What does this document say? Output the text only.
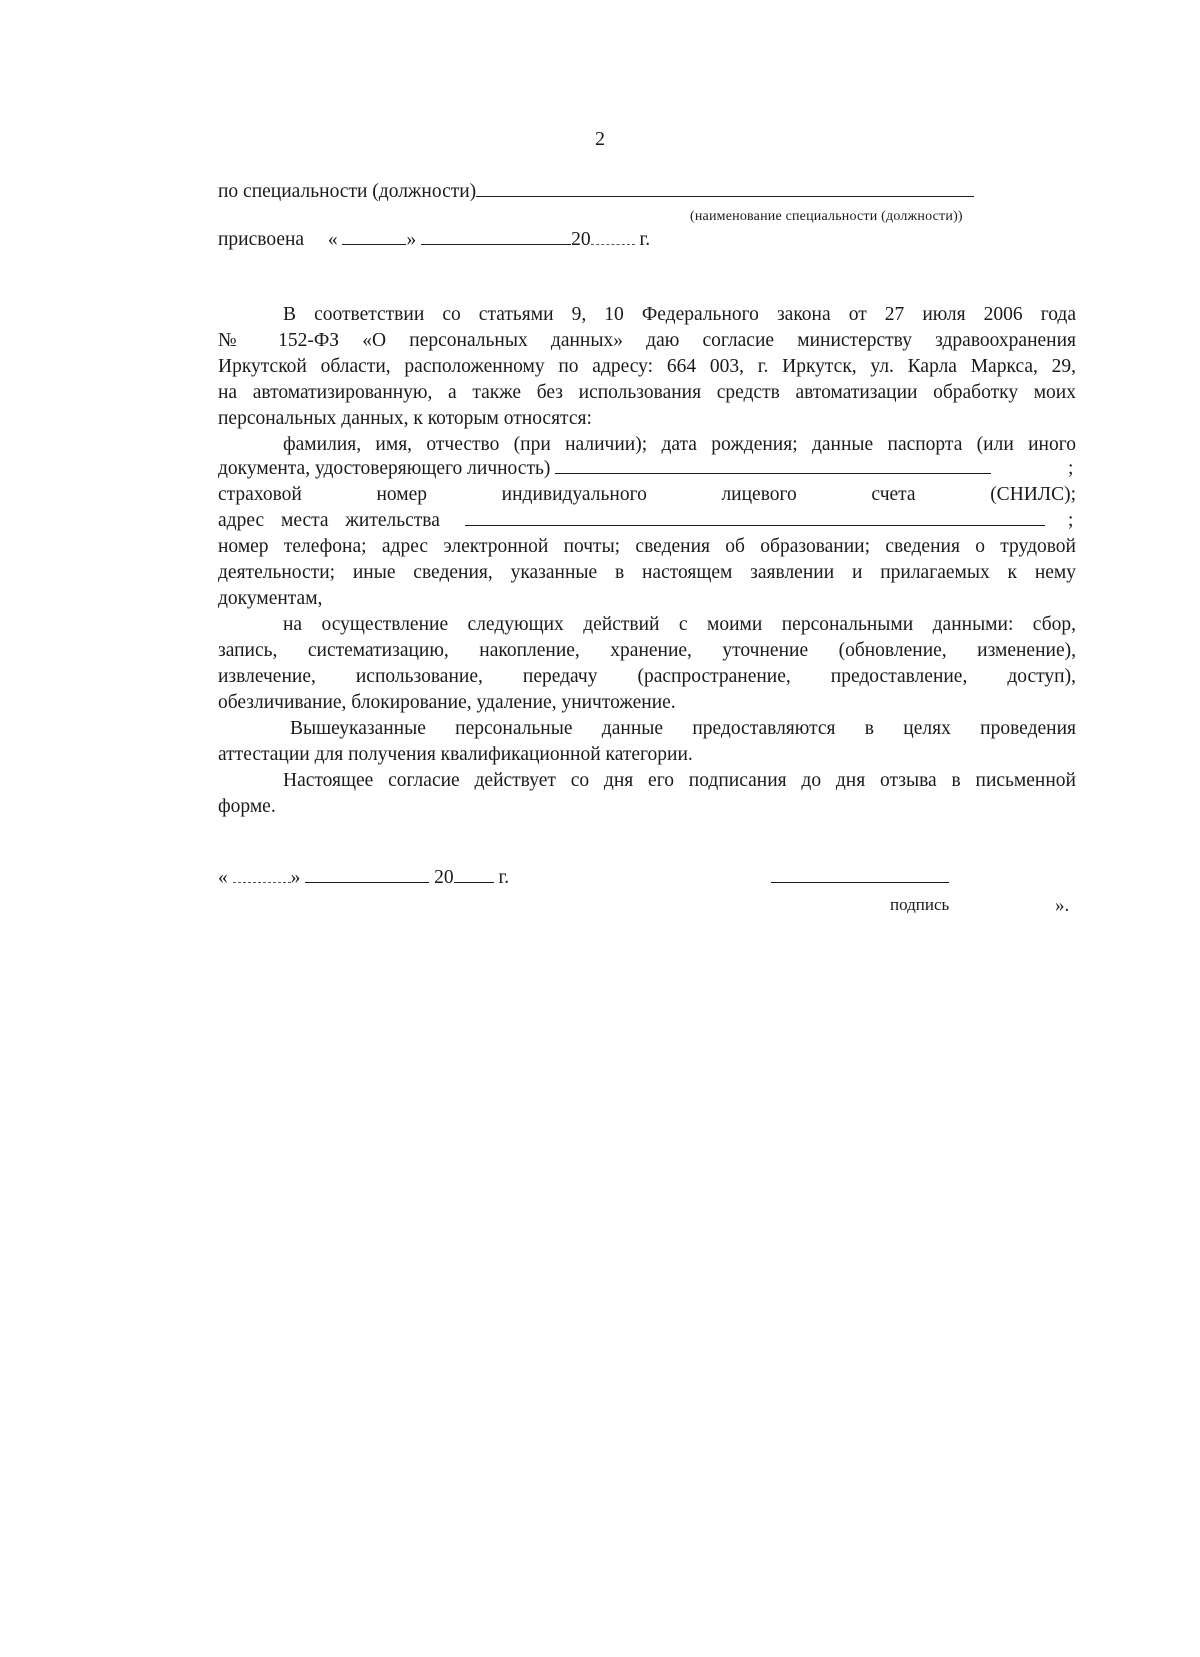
2
по специальности (должности)
(наименование специальности (должности))
присвоена «	»	20	г.
В соответствии со статьями 9, 10 Федерального закона от 27 июля 2006 года
№ 152-ФЗ «О персональных данных» даю согласие министерству здравоохранения
Иркутской области, расположенному по адресу: 664 003, г. Иркутск, ул. Карла Маркса, 29,
на автоматизированную, а также без использования средств автоматизации обработку моих
персональных данных, к которым относятся:
фамилия, имя, отчество (при наличии); дата рождения; данные паспорта (или иного
документа, удостоверяющего личность)	;
страховой номер индивидуального лицевого счета (СНИЛС);
адрес места жительства	;
номер телефона; адрес электронной почты; сведения об образовании; сведения о трудовой
деятельности; иные сведения, указанные в настоящем заявлении и прилагаемых к нему
документам,
на осуществление следующих действий с моими персональными данными: сбор,
запись, систематизацию, накопление, хранение, уточнение (обновление, изменение),
извлечение, использование, передачу (распространение, предоставление, доступ),
обезличивание, блокирование, удаление, уничтожение.
Вышеуказанные персональные данные предоставляются в целях проведения
аттестации для получения квалификационной категории.
Настоящее согласие действует со дня его подписания до дня отзыва в письменной
форме.
«	»	20 г.
подпись	».
